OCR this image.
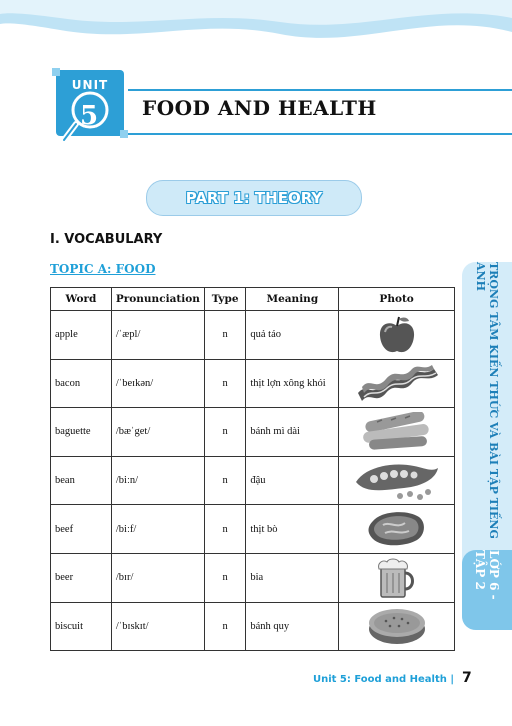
UNIT
5	FOOD AND HEALTH
PART 1: THEORY
I. VOCABULARY
TOPIC A: FOOD
Word	Pronunciation	Type	Meaning	Photo
apple	/ˈæpl/	n	quả táo	

bacon	/ˈbeɪkən/	n	thịt lợn xông khói	

baguette	/bæˈget/	n	bánh mì dài	

bean	/biːn/	n	đậu	

beef	/biːf/	n	thịt bò	

beer	/bɪr/	n	bia	

biscuit	/ˈbɪskɪt/	n	bánh quy	
TRỌNG TÂM KIẾN THỨC VÀ BÀI TẬP TIẾNG ANH
LỚP 6 - TẬP 2
Unit 5: Food and Health | 7
